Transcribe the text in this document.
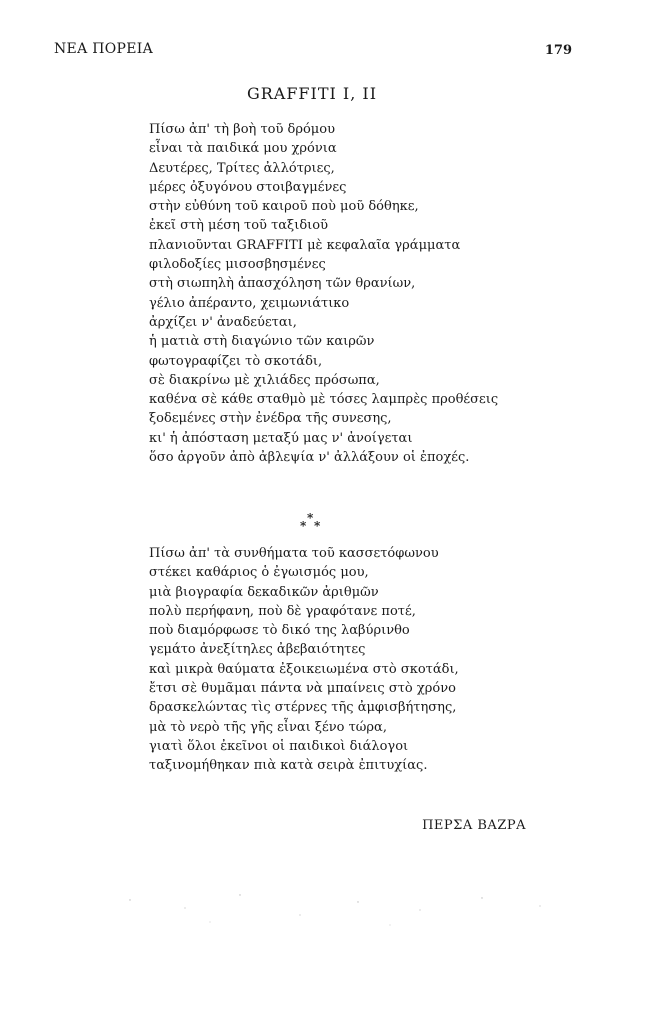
ΝΕΑ ΠΟΡΕΙΑ	179
GRAFFITI I, II
Πίσω ἀπ' τὴ βοὴ τοῦ δρόμου
εἶναι τὰ παιδικά μου χρόνια
Δευτέρες, Τρίτες ἀλλότριες,
μέρες ὀξυγόνου στοιβαγμένες
στὴν εὐθύνη τοῦ καιροῦ ποὺ μοῦ δόθηκε,
ἐκεῖ στὴ μέση τοῦ ταξιδιοῦ
πλανιοῦνται GRAFFITI μὲ κεφαλαῖα γράμματα
φιλοδοξίες μισοσβησμένες
στὴ σιωπηλὴ ἀπασχόληση τῶν θρανίων,
γέλιο ἀπέραντο, χειμωνιάτικο
ἀρχίζει ν' ἀναδεύεται,
ἡ ματιὰ στὴ διαγώνιο τῶν καιρῶν
φωτογραφίζει τὸ σκοτάδι,
σὲ διακρίνω μὲ χιλιάδες πρόσωπα,
καθένα σὲ κάθε σταθμὸ μὲ τόσες λαμπρὲς προθέσεις
ξοδεμένες στὴν ἐνέδρα τῆς συνεσης,
κι' ἡ ἀπόσταση μεταξύ μας ν' ἀνοίγεται
ὅσο ἀργοῦν ἀπὸ ἀβλεψία ν' ἀλλάξουν οἱ ἐποχές.
*
* *
Πίσω ἀπ' τὰ συνθήματα τοῦ κασσετόφωνου
στέκει καθάριος ὁ ἐγωισμός μου,
μιὰ βιογραφία δεκαδικῶν ἀριθμῶν
πολὺ περήφανη, ποὺ δὲ γραφότανε ποτέ,
ποὺ διαμόρφωσε τὸ δικό της λαβύρινθο
γεμάτο ἀνεξίτηλες ἀβεβαιότητες
καὶ μικρὰ θαύματα ἐξοικειωμένα στὸ σκοτάδι,
ἔτσι σὲ θυμᾶμαι πάντα νὰ μπαίνεις στὸ χρόνο
δρασκελώντας τὶς στέρνες τῆς ἀμφισβήτησης,
μὰ τὸ νερὸ τῆς γῆς εἶναι ξένο τώρα,
γιατὶ ὅλοι ἐκεῖνοι οἱ παιδικοὶ διάλογοι
ταξινομήθηκαν πιὰ κατὰ σειρὰ ἐπιτυχίας.
ΠΕΡΣΑ ΒΑΖΡΑ
